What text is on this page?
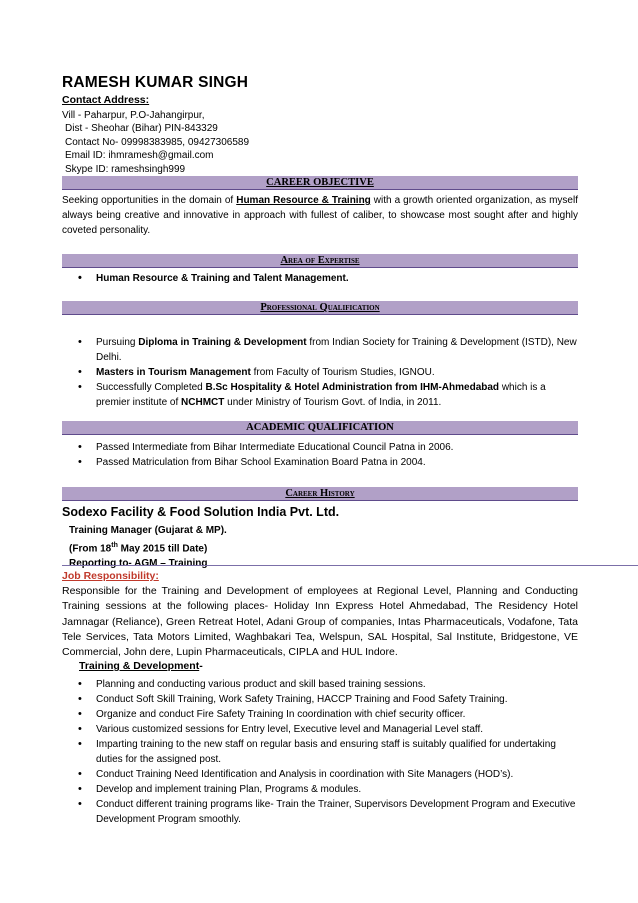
RAMESH KUMAR SINGH
Contact Address:
Vill - Paharpur, P.O-Jahangirpur,
Dist - Sheohar (Bihar) PIN-843329
Contact No- 09998383985, 09427306589
Email ID: ihmramesh@gmail.com
Skype ID: rameshsingh999
CAREER OBJECTIVE
Seeking opportunities in the domain of Human Resource & Training with a growth oriented organization, as myself always being creative and innovative in approach with fullest of caliber, to showcase most sought after and highly coveted personality.
Area of Expertise
• Human Resource & Training and Talent Management.
Professional Qualification
• Pursuing Diploma in Training & Development from Indian Society for Training & Development (ISTD), New Delhi.
• Masters in Tourism Management from Faculty of Tourism Studies, IGNOU.
• Successfully Completed B.Sc Hospitality & Hotel Administration from IHM-Ahmedabad which is a premier institute of NCHMCT under Ministry of Tourism Govt. of India, in 2011.
ACADEMIC QUALIFICATION
• Passed Intermediate from Bihar Intermediate Educational Council Patna in 2006.
• Passed Matriculation from Bihar School Examination Board Patna in 2004.
Career History
Sodexo Facility & Food Solution India Pvt. Ltd.
Training Manager (Gujarat & MP).
(From 18th May 2015 till Date)
Reporting to- AGM – Training
Job Responsibility:
Responsible for the Training and Development of employees at Regional Level, Planning and Conducting Training sessions at the following places- Holiday Inn Express Hotel Ahmedabad, The Residency Hotel Jamnagar (Reliance), Green Retreat Hotel, Adani Group of companies, Intas Pharmaceuticals, Vodafone, Tata Tele Services, Tata Motors Limited, Waghbakari Tea, Welspun, SAL Hospital, Sal Institute, Bridgestone, VE Commercial, John dere, Lupin Pharmaceuticals, CIPLA and HUL Indore.
Training & Development-
• Planning and conducting various product and skill based training sessions.
• Conduct Soft Skill Training, Work Safety Training, HACCP Training and Food Safety Training.
• Organize and conduct Fire Safety Training In coordination with chief security officer.
• Various customized sessions for Entry level, Executive level and Managerial Level staff.
• Imparting training to the new staff on regular basis and ensuring staff is suitably qualified for undertaking duties for the assigned post.
• Conduct Training Need Identification and Analysis in coordination with Site Managers (HOD’s).
• Develop and implement training Plan, Programs & modules.
• Conduct different training programs like- Train the Trainer, Supervisors Development Program and Executive Development Program smoothly.
